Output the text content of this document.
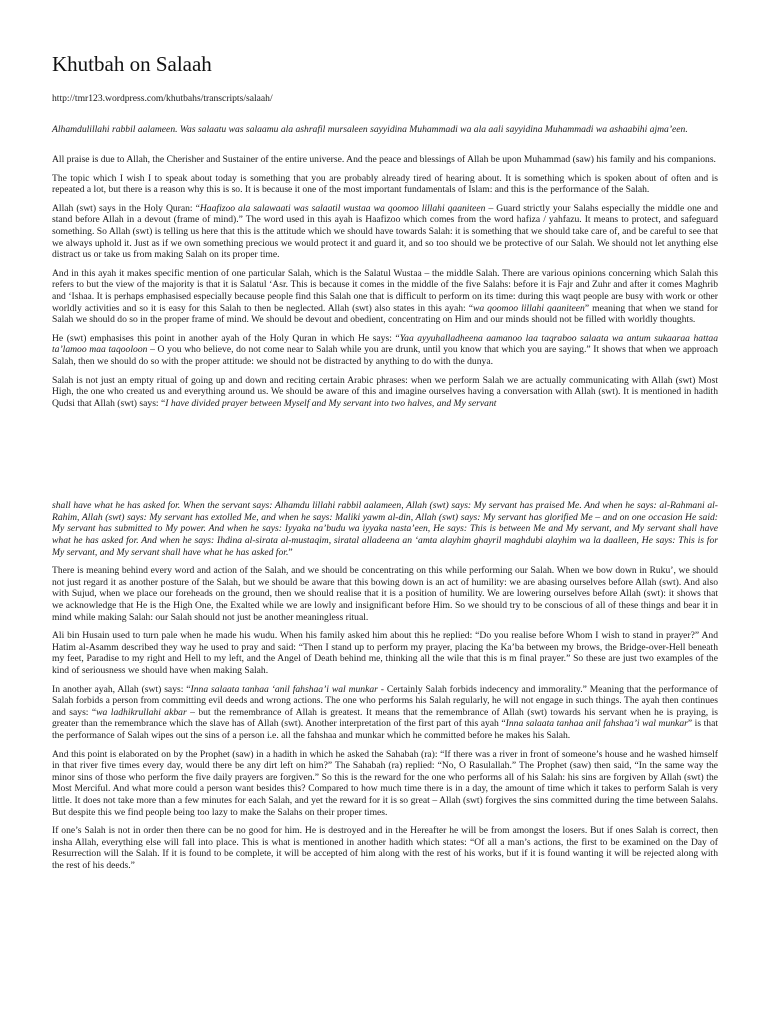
Khutbah on Salaah
http://tmr123.wordpress.com/khutbahs/transcripts/salaah/
Alhamdulillahi rabbil aalameen. Was salaatu was salaamu ala ashrafil mursaleen sayyidina Muhammadi wa ala aali sayyidina Muhammadi wa ashaabihi ajma’een.

All praise is due to Allah, the Cherisher and Sustainer of the entire universe. And the peace and blessings of Allah be upon Muhammad (saw) his family and his companions.

The topic which I wish I to speak about today is something that you are probably already tired of hearing about. It is something which is spoken about of often and is repeated a lot, but there is a reason why this is so. It is because it one of the most important fundamentals of Islam: and this is the performance of the Salah.

Allah (swt) says in the Holy Quran: “Haafizoo ala salawaati was salaatil wustaa wa qoomoo lillahi qaaniteen – Guard strictly your Salahs especially the middle one and stand before Allah in a devout (frame of mind).” The word used in this ayah is Haafizoo which comes from the word hafiza / yahfazu. It means to protect, and safeguard something. So Allah (swt) is telling us here that this is the attitude which we should have towards Salah: it is something that we should take care of, and be careful to see that we always uphold it. Just as if we own something precious we would protect it and guard it, and so too should we be protective of our Salah. We should not let anything else distract us or take us from making Salah on its proper time.

And in this ayah it makes specific mention of one particular Salah, which is the Salatul Wustaa – the middle Salah. There are various opinions concerning which Salah this refers to but the view of the majority is that it is Salatul ‘Asr. This is because it comes in the middle of the five Salahs: before it is Fajr and Zuhr and after it comes Maghrib and ‘Ishaa. It is perhaps emphasised especially because people find this Salah one that is difficult to perform on its time: during this waqt people are busy with work or other worldly activities and so it is easy for this Salah to then be neglected. Allah (swt) also states in this ayah: “wa qoomoo lillahi qaaniteen” meaning that when we stand for Salah we should do so in the proper frame of mind. We should be devout and obedient, concentrating on Him and our minds should not be filled with worldly thoughts.

He (swt) emphasises this point in another ayah of the Holy Quran in which He says: “Yaa ayyuhalladheena aamanoo laa taqraboo salaata wa antum sukaaraa hattaa ta’lamoo maa taqooloon – O you who believe, do not come near to Salah while you are drunk, until you know that which you are saying.” It shows that when we approach Salah, then we should do so with the proper attitude: we should not be distracted by anything to do with the dunya.

Salah is not just an empty ritual of going up and down and reciting certain Arabic phrases: when we perform Salah we are actually communicating with Allah (swt) Most High, the one who created us and everything around us. We should be aware of this and imagine ourselves having a conversation with Allah (swt). It is mentioned in hadith Qudsi that Allah (swt) says: “I have divided prayer between Myself and My servant into two halves, and My servant

shall have what he has asked for. When the servant says: Alhamdu lillahi rabbil aalameen, Allah (swt) says: My servant has praised Me. And when he says: al-Rahmani al-Rahim, Allah (swt) says: My servant has extolled Me, and when he says: Maliki yawm al-din, Allah (swt) says: My servant has glorified Me – and on one occasion He said: My servant has submitted to My power. And when he says: Iyyaka na’budu wa iyyaka nasta’een, He says: This is between Me and My servant, and My servant shall have what he has asked for. And when he says: Ihdina al-sirata al-mustaqim, siratal alladeena an ‘amta alayhim ghayril maghdubi alayhim wa la daalleen, He says: This is for My servant, and My servant shall have what he has asked for.”

There is meaning behind every word and action of the Salah, and we should be concentrating on this while performing our Salah. When we bow down in Ruku’, we should not just regard it as another posture of the Salah, but we should be aware that this bowing down is an act of humility: we are abasing ourselves before Allah (swt). And also with Sujud, when we place our foreheads on the ground, then we should realise that it is a position of humility. We are lowering ourselves before Allah (swt): it shows that we acknowledge that He is the High One, the Exalted while we are lowly and insignificant before Him. So we should try to be conscious of all of these things and bear it in mind while making Salah: our Salah should not just be another meaningless ritual.

Ali bin Husain used to turn pale when he made his wudu. When his family asked him about this he replied: “Do you realise before Whom I wish to stand in prayer?” And Hatim al-Asamm described they way he used to pray and said: “Then I stand up to perform my prayer, placing the Ka’ba between my brows, the Bridge-over-Hell beneath my feet, Paradise to my right and Hell to my left, and the Angel of Death behind me, thinking all the wile that this is m final prayer.” So these are just two examples of the kind of seriousness we should have when making Salah.

In another ayah, Allah (swt) says: “Inna salaata tanhaa ‘anil fahshaa’i wal munkar - Certainly Salah forbids indecency and immorality.” Meaning that the performance of Salah forbids a person from committing evil deeds and wrong actions. The one who performs his Salah regularly, he will not engage in such things. The ayah then continues and says: “wa ladhikrullahi akbar – but the remembrance of Allah is greatest. It means that the remembrance of Allah (swt) towards his servant when he is praying, is greater than the remembrance which the slave has of Allah (swt). Another interpretation of the first part of this ayah “Inna salaata tanhaa anil fahshaa’i wal munkar” is that the performance of Salah wipes out the sins of a person i.e. all the fahshaa and munkar which he committed before he makes his Salah.

And this point is elaborated on by the Prophet (saw) in a hadith in which he asked the Sahabah (ra): “If there was a river in front of someone’s house and he washed himself in that river five times every day, would there be any dirt left on him?” The Sahabah (ra) replied: “No, O Rasulallah.” The Prophet (saw) then said, “In the same way the minor sins of those who perform the five daily prayers are forgiven.” So this is the reward for the one who performs all of his Salah: his sins are forgiven by Allah (swt) the Most Merciful. And what more could a person want besides this? Compared to how much time there is in a day, the amount of time which it takes to perform Salah is very little. It does not take more than a few minutes for each Salah, and yet the reward for it is so great – Allah (swt) forgives the sins committed during the time between Salahs. But despite this we find people being too lazy to make the Salahs on their proper times.

If one’s Salah is not in order then there can be no good for him. He is destroyed and in the Hereafter he will be from amongst the losers. But if ones Salah is correct, then insha Allah, everything else will fall into place. This is what is mentioned in another hadith which states: “Of all a man’s actions, the first to be examined on the Day of Resurrection will the Salah. If it is found to be complete, it will be accepted of him along with the rest of his works, but if it is found wanting it will be rejected along with the rest of his deeds.”
